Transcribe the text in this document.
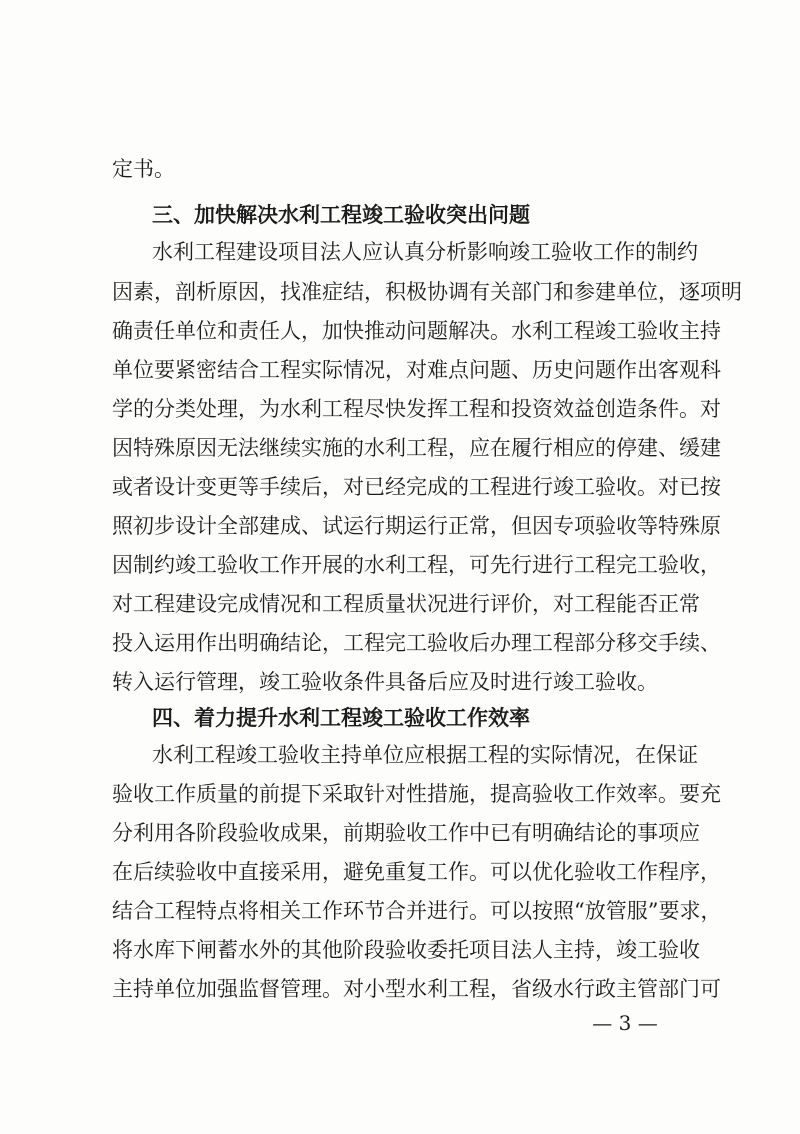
定书。
三、加快解决水利工程竣工验收突出问题
水利工程建设项目法人应认真分析影响竣工验收工作的制约
因素，剖析原因，找准症结，积极协调有关部门和参建单位，逐项明
确责任单位和责任人，加快推动问题解决。水利工程竣工验收主持
单位要紧密结合工程实际情况，对难点问题、历史问题作出客观科
学的分类处理，为水利工程尽快发挥工程和投资效益创造条件。对
因特殊原因无法继续实施的水利工程，应在履行相应的停建、缓建
或者设计变更等手续后，对已经完成的工程进行竣工验收。对已按
照初步设计全部建成、试运行期运行正常，但因专项验收等特殊原
因制约竣工验收工作开展的水利工程，可先行进行工程完工验收，
对工程建设完成情况和工程质量状况进行评价，对工程能否正常
投入运用作出明确结论，工程完工验收后办理工程部分移交手续、
转入运行管理，竣工验收条件具备后应及时进行竣工验收。
四、着力提升水利工程竣工验收工作效率
水利工程竣工验收主持单位应根据工程的实际情况，在保证
验收工作质量的前提下采取针对性措施，提高验收工作效率。要充
分利用各阶段验收成果，前期验收工作中已有明确结论的事项应
在后续验收中直接采用，避免重复工作。可以优化验收工作程序，
结合工程特点将相关工作环节合并进行。可以按照“放管服”要求，
将水库下闸蓄水外的其他阶段验收委托项目法人主持，竣工验收
主持单位加强监督管理。对小型水利工程，省级水行政主管部门可
— 3 —
